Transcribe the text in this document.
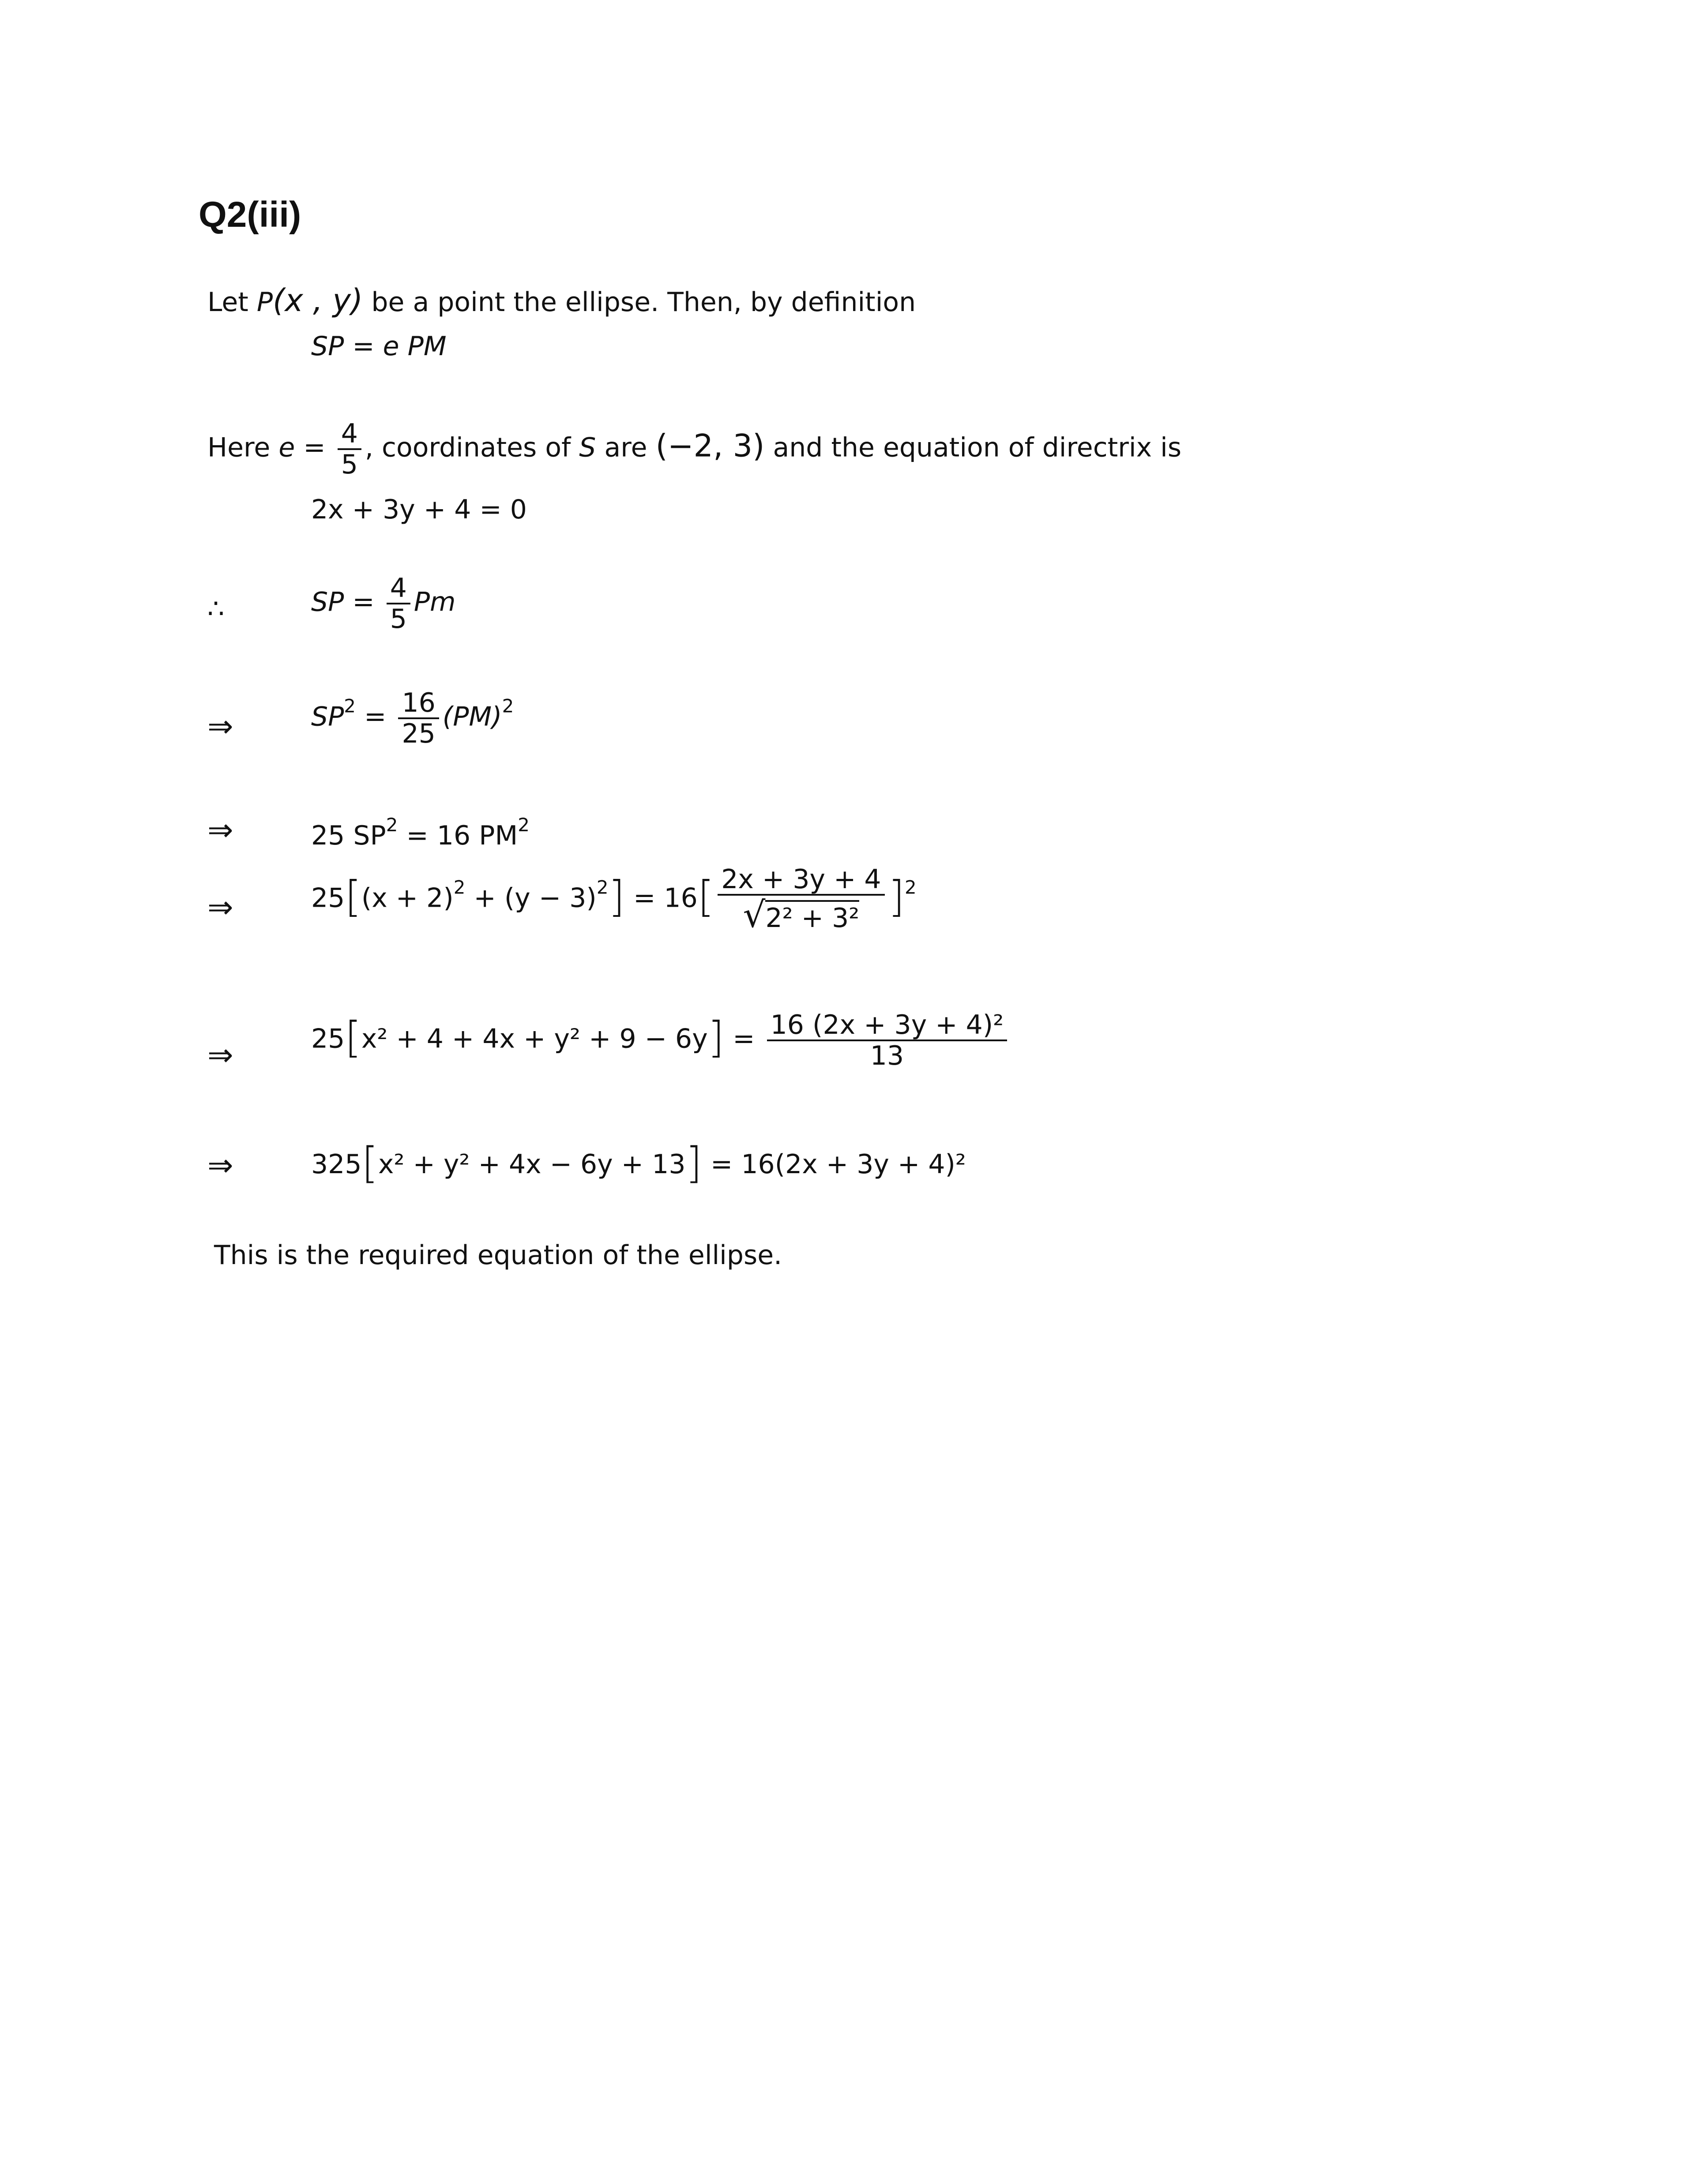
Q2(iii)
Let P(x , y) be a point the ellipse. Then, by definition
SP = e PM
Here $e = \frac{4}{5}$ , coordinates of S are (−2, 3) and the equation of directrix is
2x + 3y + 4 = 0
∴	SP = $\frac{4}{5}$ Pm
⇒	$SP^2 = \frac{16}{25} (PM)^2$
⇒	25 $SP^2 = 16$ $PM^2$
⇒	$25[(x + 2)^2 + (y - 3)^2] = 16[ \frac{2x + 3y + 4}{\text{√2² + 3²}} ]^2$
⇒	$25[x^2 + 4 + 4x + y^2 + 9 - 6y] = \frac{\text{16 (2x + 3y + 4)²}}{13}$
⇒	325[x² + y² + 4x − 6y + 13] = 16(2x + 3y + 4)²
This is the required equation of the ellipse.
